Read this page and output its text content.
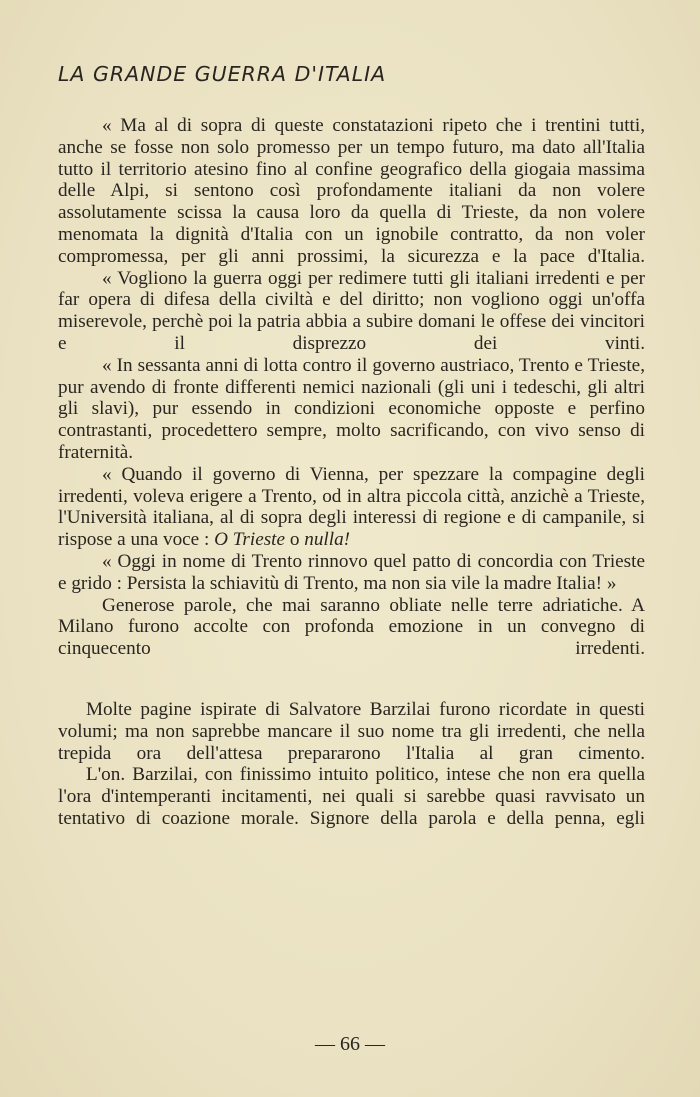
LA GRANDE GUERRA D'ITALIA

« Ma al di sopra di queste constatazioni ripeto che i trentini tutti, anche se fosse non solo promesso per un tempo futuro, ma dato all'Italia tutto il territorio atesino fino al confine geografico della giogaia massima delle Alpi, si sentono così profondamente italiani da non volere assolutamente scissa la causa loro da quella di Trieste, da non volere menomata la dignità d'Italia con un ignobile contratto, da non voler compromessa, per gli anni prossimi, la sicurezza e la pace d'Italia.

« Vogliono la guerra oggi per redimere tutti gli italiani irredenti e per far opera di difesa della civiltà e del diritto; non vogliono oggi un'offa miserevole, perchè poi la patria abbia a subire domani le offese dei vincitori e il disprezzo dei vinti.

« In sessanta anni di lotta contro il governo austriaco, Trento e Trieste, pur avendo di fronte differenti nemici nazionali (gli uni i tedeschi, gli altri gli slavi), pur essendo in condizioni economiche opposte e perfino contrastanti, procedettero sempre, molto sacrificando, con vivo senso di fraternità.

« Quando il governo di Vienna, per spezzare la compagine degli irredenti, voleva erigere a Trento, od in altra piccola città, anzichè a Trieste, l'Università italiana, al di sopra degli interessi di regione e di campanile, si rispose a una voce : O Trieste o nulla!

« Oggi in nome di Trento rinnovo quel patto di concordia con Trieste e grido : Persista la schiavitù di Trento, ma non sia vile la madre Italia! »

Generose parole, che mai saranno obliate nelle terre adriatiche. A Milano furono accolte con profonda emozione in un convegno di cinquecento irredenti.

Molte pagine ispirate di Salvatore Barzilai furono ricordate in questi volumi; ma non saprebbe mancare il suo nome tra gli irredenti, che nella trepida ora dell'attesa prepararono l'Italia al gran cimento.

L'on. Barzilai, con finissimo intuito politico, intese che non era quella l'ora d'intemperanti incitamenti, nei quali si sarebbe quasi ravvisato un tentativo di coazione morale. Signore della parola e della penna, egli

— 66 —
